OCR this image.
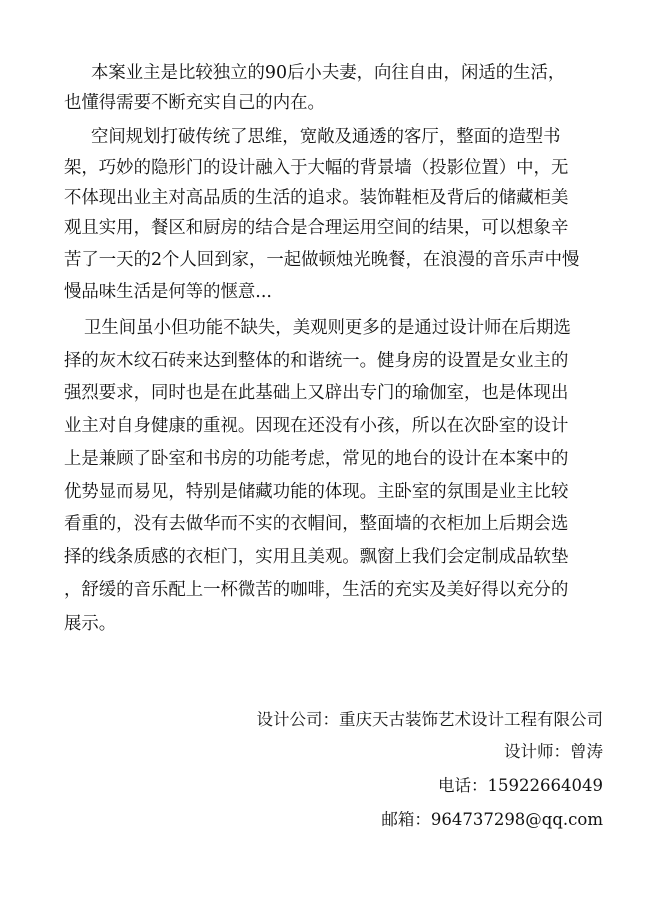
本案业主是比较独立的90后小夫妻，向往自由，闲适的生活，
也懂得需要不断充实自己的内在。
空间规划打破传统了思维，宽敞及通透的客厅，整面的造型书
架，巧妙的隐形门的设计融入于大幅的背景墙（投影位置）中，无
不体现出业主对高品质的生活的追求。装饰鞋柜及背后的储藏柜美
观且实用，餐区和厨房的结合是合理运用空间的结果，可以想象辛
苦了一天的2个人回到家，一起做顿烛光晚餐，在浪漫的音乐声中慢
慢品味生活是何等的惬意...
卫生间虽小但功能不缺失，美观则更多的是通过设计师在后期选
择的灰木纹石砖来达到整体的和谐统一。健身房的设置是女业主的
强烈要求，同时也是在此基础上又辟出专门的瑜伽室，也是体现出
业主对自身健康的重视。因现在还没有小孩，所以在次卧室的设计
上是兼顾了卧室和书房的功能考虑，常见的地台的设计在本案中的
优势显而易见，特别是储藏功能的体现。主卧室的氛围是业主比较
看重的，没有去做华而不实的衣帽间，整面墙的衣柜加上后期会选
择的线条质感的衣柜门，实用且美观。飘窗上我们会定制成品软垫
，舒缓的音乐配上一杯微苦的咖啡，生活的充实及美好得以充分的
展示。
设计公司：重庆天古装饰艺术设计工程有限公司
设计师：曾涛
电话：15922664049
邮箱：964737298@qq.com
